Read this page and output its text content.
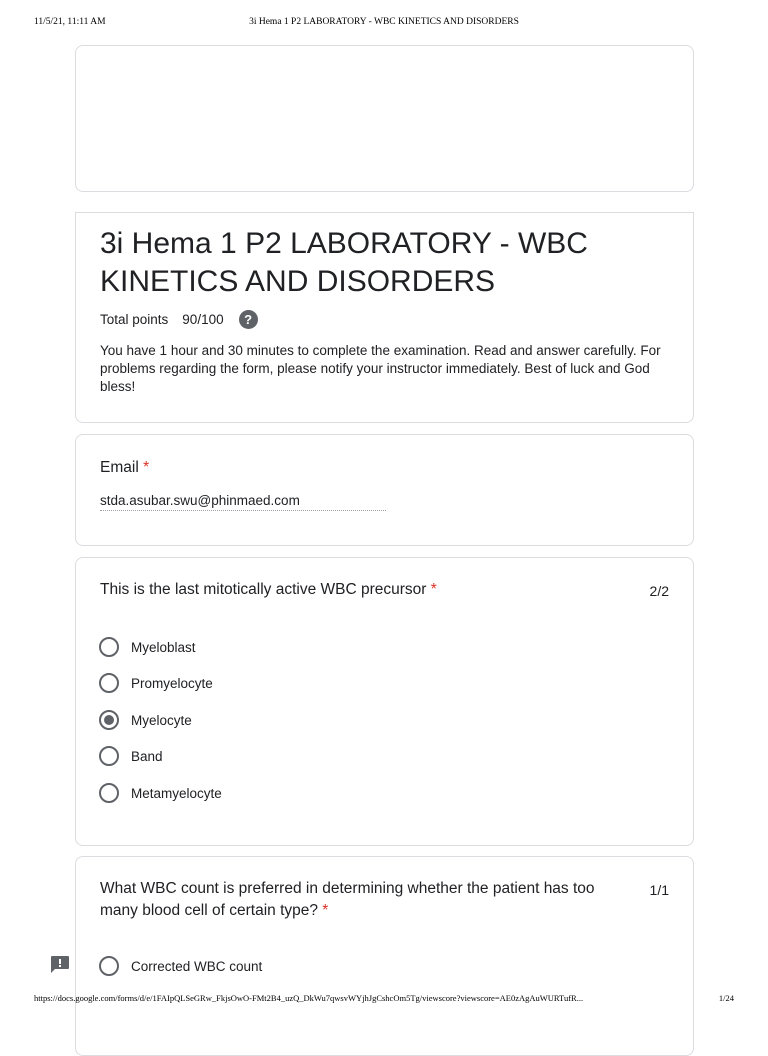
11/5/21, 11:11 AM	3i Hema 1 P2 LABORATORY - WBC KINETICS AND DISORDERS
3i Hema 1 P2 LABORATORY - WBC KINETICS AND DISORDERS
Total points 90/100	?
You have 1 hour and 30 minutes to complete the examination. Read and answer carefully. For problems regarding the form, please notify your instructor immediately. Best of luck and God bless!
Email *
stda.asubar.swu@phinmaed.com
This is the last mitotically active WBC precursor *	2/2
Myeloblast
Promyelocyte
Myelocyte
Band
Metamyelocyte
What WBC count is preferred in determining whether the patient has too many blood cell of certain type? *
1/1
Corrected WBC count
https://docs.google.com/forms/d/e/1FAIpQLSeGRw_FkjsOwO-FMt2B4_uzQ_DkWu7qwsvWYjhJgCshcOm5Tg/viewscore?viewscore=AE0zAgAuWURTufR...	1/24
